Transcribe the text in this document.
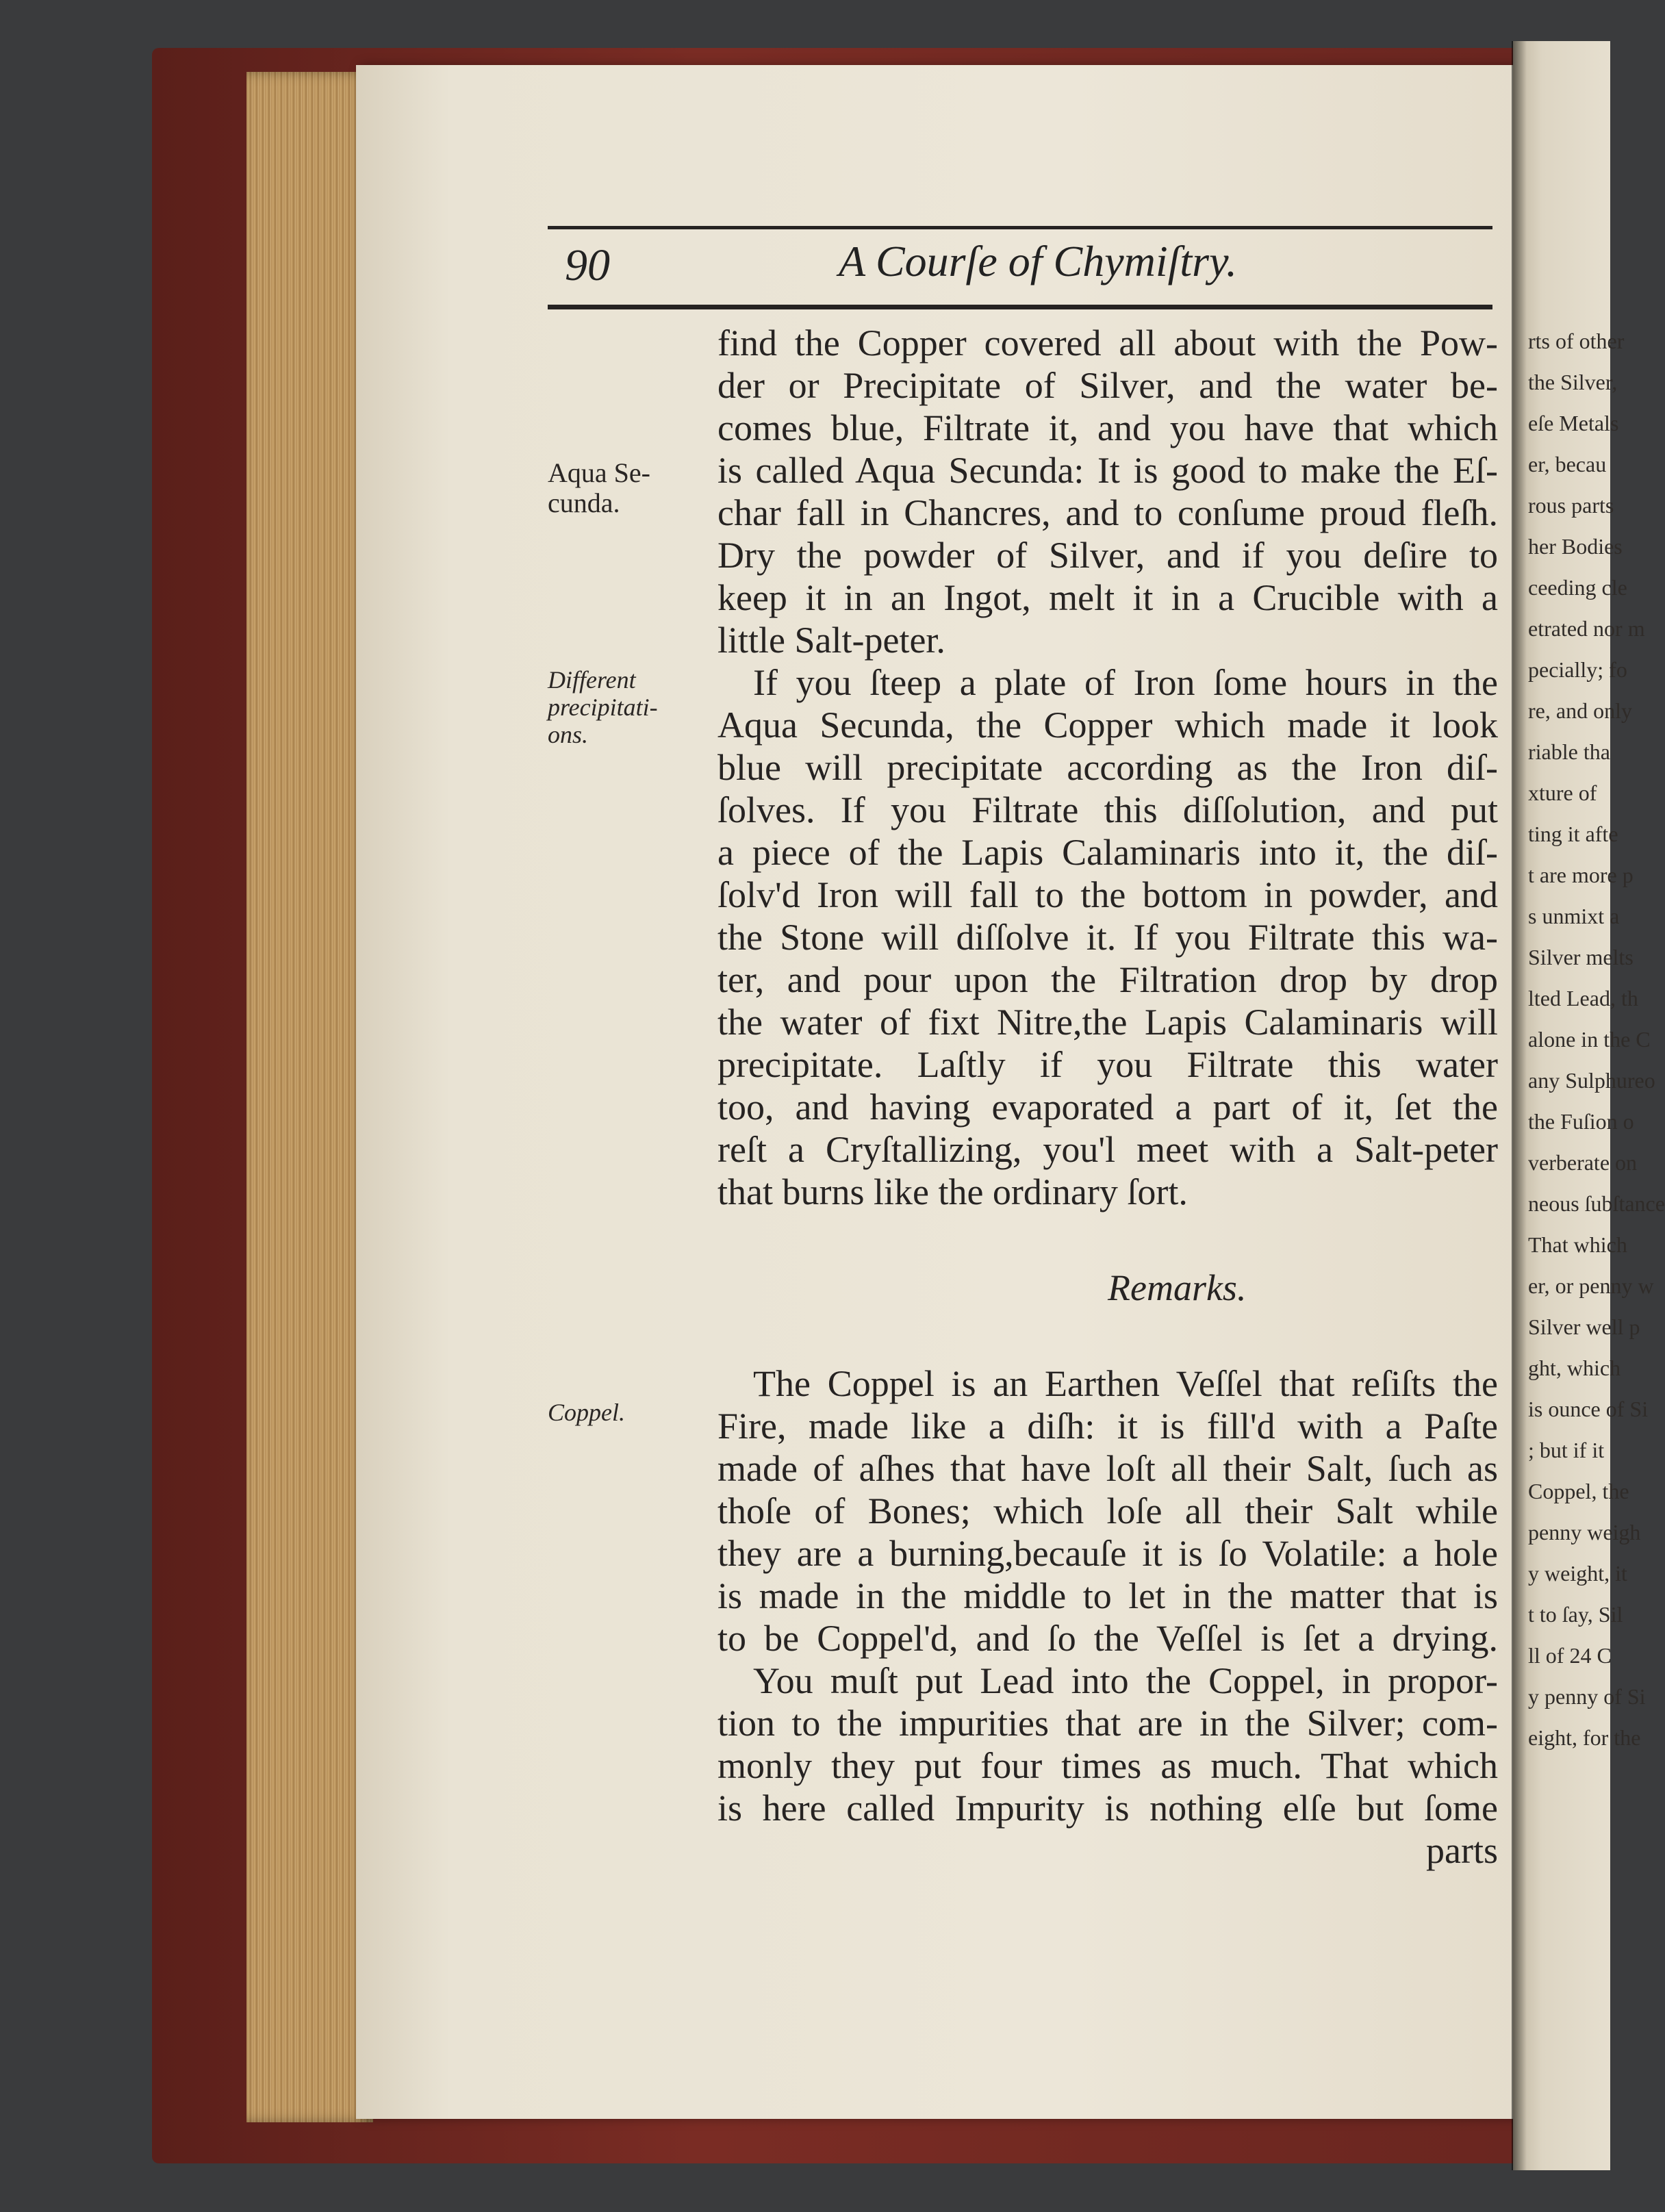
90	A Courſe of Chymiſtry.
Aqua Se-
cunda.
Different
precipitati-
ons.
Coppel.
find the Copper covered all about with the Pow-
der or Precipitate of Silver, and the water be-
comes blue, Filtrate it, and you have that which
is called Aqua Secunda: It is good to make the Eſ-
char fall in Chancres, and to conſume proud fleſh.
Dry the powder of Silver, and if you deſire to
keep it in an Ingot, melt it in a Crucible with a
little Salt-peter.
If you ſteep a plate of Iron ſome hours in the
Aqua Secunda, the Copper which made it look
blue will precipitate according as the Iron diſ-
ſolves. If you Filtrate this diſſolution, and put
a piece of the Lapis Calaminaris into it, the diſ-
ſolv'd Iron will fall to the bottom in powder, and
the Stone will diſſolve it. If you Filtrate this wa-
ter, and pour upon the Filtration drop by drop
the water of fixt Nitre,the Lapis Calaminaris will
precipitate. Laſtly if you Filtrate this water
too, and having evaporated a part of it, ſet the
reſt a Cryſtallizing, you'l meet with a Salt-peter
that burns like the ordinary ſort.
Remarks.
The Coppel is an Earthen Veſſel that reſiſts the
Fire, made like a diſh: it is fill'd with a Paſte
made of aſhes that have loſt all their Salt, ſuch as
thoſe of Bones; which loſe all their Salt while
they are a burning,becauſe it is ſo Volatile: a hole
is made in the middle to let in the matter that is
to be Coppel'd, and ſo the Veſſel is ſet a drying.
You muſt put Lead into the Coppel, in propor-
tion to the impurities that are in the Silver; com-
monly they put four times as much. That which
is here called Impurity is nothing elſe but ſome
parts
rts of other
the Silver,
eſe Metals
er, becau
rous parts
her Bodies
ceeding cle
etrated nor m
pecially; fo
re, and only
riable tha
xture of
ting it afte
t are more p
s unmixt a
Silver melts
lted Lead, th
alone in the C
any Sulphureo
the Fuſion o
verberate on
neous ſubſtance
That which
er, or penny w
Silver well p
ght, which
is ounce of Si
; but if it
Coppel, the
penny weigh
y weight, it
t to ſay, Sil
ll of 24 C
y penny of Si
eight, for the
